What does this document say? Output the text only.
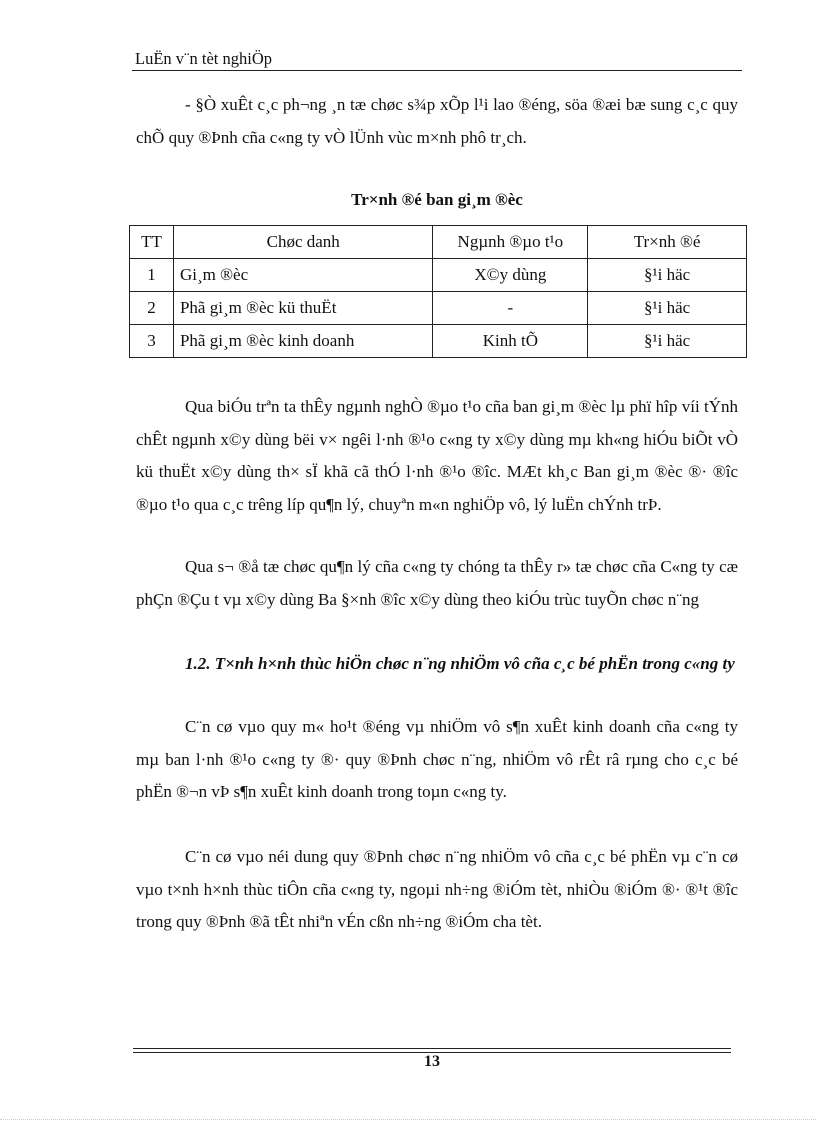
LuËn v¨n tèt nghiÖp

- §Ò xuÊt c¸c ph¬ng ¸n tæ chøc s¾p xÕp l¹i lao ®éng, söa ®æi bæ sung c¸c quy chÕ quy ®Þnh cña c«ng ty vÒ lÜnh vùc m×nh phô tr¸ch.

Tr×nh ®é ban gi¸m ®èc
TT	Chøc danh	Ngµnh ®µo t¹o	Tr×nh ®é
1	Gi¸m ®èc	X©y dùng	§¹i häc
2	Phã gi¸m ®èc kü thuËt	-	§¹i häc
3	Phã gi¸m ®èc kinh doanh	Kinh tÕ	§¹i häc

Qua biÓu trªn ta thÊy ngµnh nghÒ ®µo t¹o cña ban gi¸m ®èc lµ phï hîp víi tÝnh chÊt ngµnh x©y dùng bëi v× ngêi l·nh ®¹o c«ng ty x©y dùng mµ kh«ng hiÓu biÕt vÒ kü thuËt x©y dùng th× sÏ khã cã thÓ l·nh ®¹o ®îc. MÆt kh¸c Ban gi¸m ®èc ®· ®îc ®µo t¹o qua c¸c trêng líp qu¶n lý, chuyªn m«n nghiÖp vô, lý luËn chÝnh trÞ.

Qua s¬ ®å tæ chøc qu¶n lý cña c«ng ty chóng ta thÊy r» tæ chøc cña C«ng ty cæ phÇn ®Çu t vµ x©y dùng Ba §×nh ®îc x©y dùng theo kiÓu trùc tuyÕn chøc n¨ng

1.2. T×nh h×nh thùc hiÖn chøc n¨ng nhiÖm vô cña c¸c bé phËn trong c«ng ty

C¨n cø vµo quy m« ho¹t ®éng vµ nhiÖm vô s¶n xuÊt kinh doanh cña c«ng ty mµ ban l·nh ®¹o c«ng ty ®· quy ®Þnh chøc n¨ng, nhiÖm vô rÊt râ rµng cho c¸c bé phËn ®¬n vÞ s¶n xuÊt kinh doanh trong toµn c«ng ty.

C¨n cø vµo néi dung quy ®Þnh chøc n¨ng nhiÖm vô cña c¸c bé phËn vµ c¨n cø vµo t×nh h×nh thùc tiÔn cña c«ng ty, ngoµi nh÷ng ®iÓm tèt, nhiÒu ®iÓm ®· ®¹t ®îc trong quy ®Þnh ®ã tÊt nhiªn vÉn cßn nh÷ng ®iÓm cha tèt.

13
